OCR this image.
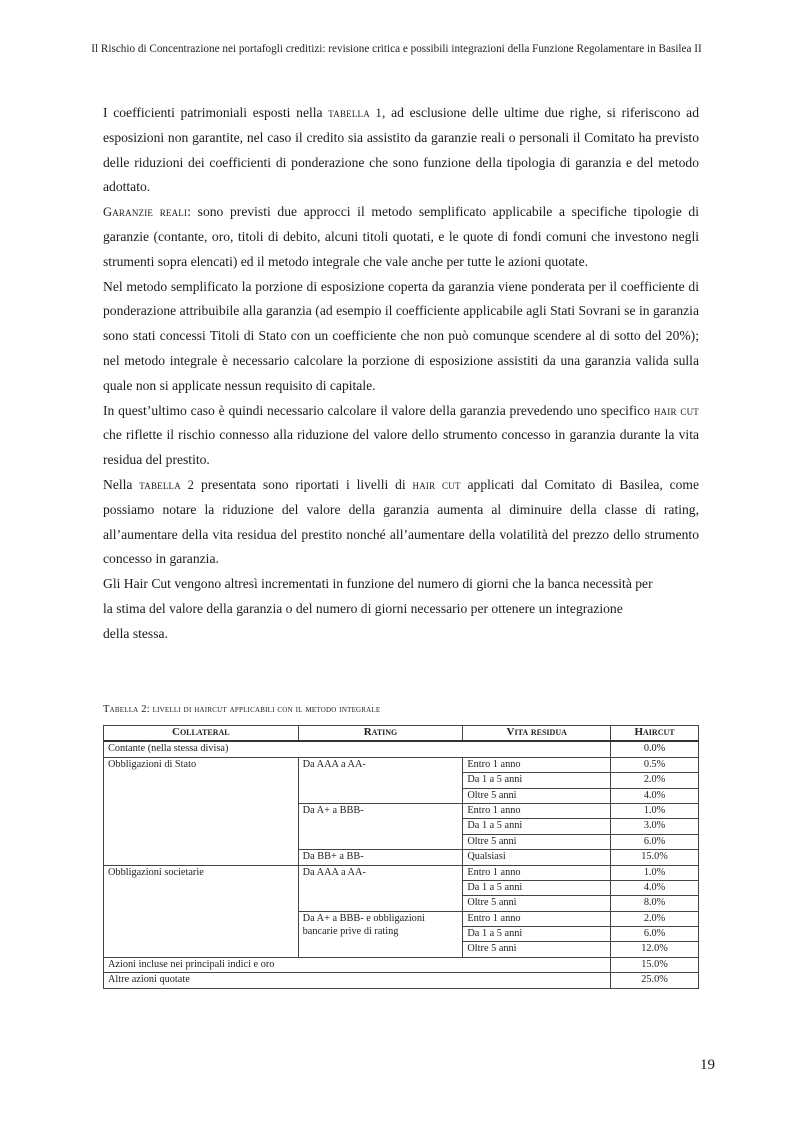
Il Rischio di Concentrazione nei portafogli creditizi: revisione critica e possibili integrazioni della Funzione Regolamentare in Basilea II

I coefficienti patrimoniali esposti nella tabella 1, ad esclusione delle ultime due righe, si riferiscono ad esposizioni non garantite, nel caso il credito sia assistito da garanzie reali o personali il Comitato ha previsto delle riduzioni dei coefficienti di ponderazione che sono funzione della tipologia di garanzia e del metodo adottato.

Garanzie reali: sono previsti due approcci il metodo semplificato applicabile a specifiche tipologie di garanzie (contante, oro, titoli di debito, alcuni titoli quotati, e le quote di fondi comuni che investono negli strumenti sopra elencati) ed il metodo integrale che vale anche per tutte le azioni quotate.

Nel metodo semplificato la porzione di esposizione coperta da garanzia viene ponderata per il coefficiente di ponderazione attribuibile alla garanzia (ad esempio il coefficiente applicabile agli Stati Sovrani se in garanzia sono stati concessi Titoli di Stato con un coefficiente che non può comunque scendere al di sotto del 20%); nel metodo integrale è necessario calcolare la porzione di esposizione assistiti da una garanzia valida sulla quale non si applicate nessun requisito di capitale.

In quest’ultimo caso è quindi necessario calcolare il valore della garanzia prevedendo uno specifico hair cut che riflette il rischio connesso alla riduzione del valore dello strumento concesso in garanzia durante la vita residua del prestito.

Nella tabella 2 presentata sono riportati i livelli di hair cut applicati dal Comitato di Basilea, come possiamo notare la riduzione del valore della garanzia aumenta al diminuire della classe di rating, all’aumentare della vita residua del prestito nonché all’aumentare della volatilità del prezzo dello strumento concesso in garanzia.

Gli Hair Cut vengono altresì incrementati in funzione del numero di giorni che la banca necessità per
la stima del valore della garanzia o del numero di giorni necessario per ottenere un integrazione
della stessa.

Tabella 2: livelli di haircut applicabili con il metodo integrale
Collateral	Rating	Vita residua	Haircut
Contante (nella stessa divisa)			0.0%
Obbligazioni di Stato	Da AAA a AA-	Entro 1 anno	0.5%
		Da 1 a 5 anni	2.0%
		Oltre 5 anni	4.0%
	Da A+ a BBB-	Entro 1 anno	1.0%
		Da 1 a 5 anni	3.0%
		Oltre 5 anni	6.0%
	Da BB+ a BB-	Qualsiasi	15.0%
Obbligazioni societarie	Da AAA a AA-	Entro 1 anno	1.0%
		Da 1 a 5 anni	4.0%
		Oltre 5 anni	8.0%
	Da A+ a BBB- e obbligazioni bancarie prive di rating	Entro 1 anno	2.0%
		Da 1 a 5 anni	6.0%
		Oltre 5 anni	12.0%
Azioni incluse nei principali indici e oro			15.0%
Altre azioni quotate			25.0%
19
